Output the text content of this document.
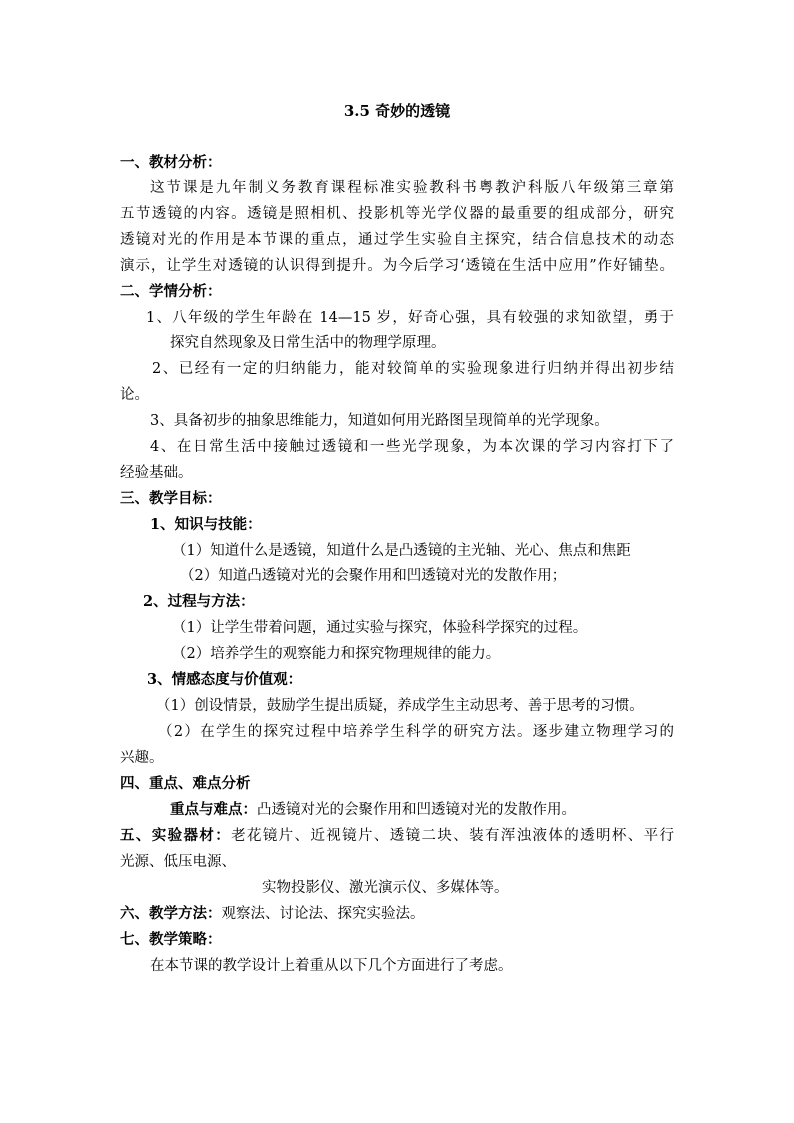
3.5 奇妙的透镜
一、教材分析：
这节课是九年制义务教育课程标准实验教科书粤教沪科版八年级第三章第
五节透镜的内容。透镜是照相机、投影机等光学仪器的最重要的组成部分，研究
透镜对光的作用是本节课的重点，通过学生实验自主探究，结合信息技术的动态
演示，让学生对透镜的认识得到提升。为今后学习‘透镜在生活中应用”作好铺垫。
二、学情分析：
1、八年级的学生年龄在 14—15 岁，好奇心强，具有较强的求知欲望，勇于
探究自然现象及日常生活中的物理学原理。
2、已经有一定的归纳能力，能对较简单的实验现象进行归纳并得出初步结
论。
3、具备初步的抽象思维能力，知道如何用光路图呈现简单的光学现象。
4、在日常生活中接触过透镜和一些光学现象，为本次课的学习内容打下了
经验基础。
三、教学目标：
1、知识与技能：
（1）知道什么是透镜，知道什么是凸透镜的主光轴、光心、焦点和焦距
（2）知道凸透镜对光的会聚作用和凹透镜对光的发散作用；
2、过程与方法：
（1）让学生带着问题，通过实验与探究，体验科学探究的过程。
（2）培养学生的观察能力和探究物理规律的能力。
3、情感态度与价值观：
（1）创设情景，鼓励学生提出质疑，养成学生主动思考、善于思考的习惯。
（2）在学生的探究过程中培养学生科学的研究方法。逐步建立物理学习的
兴趣。
四、重点、难点分析
重点与难点：凸透镜对光的会聚作用和凹透镜对光的发散作用。
五、实验器材：老花镜片、近视镜片、透镜二块、装有浑浊液体的透明杯、平行
光源、低压电源、
实物投影仪、激光演示仪、多媒体等。
六、教学方法：观察法、讨论法、探究实验法。
七、教学策略：
在本节课的教学设计上着重从以下几个方面进行了考虑。
